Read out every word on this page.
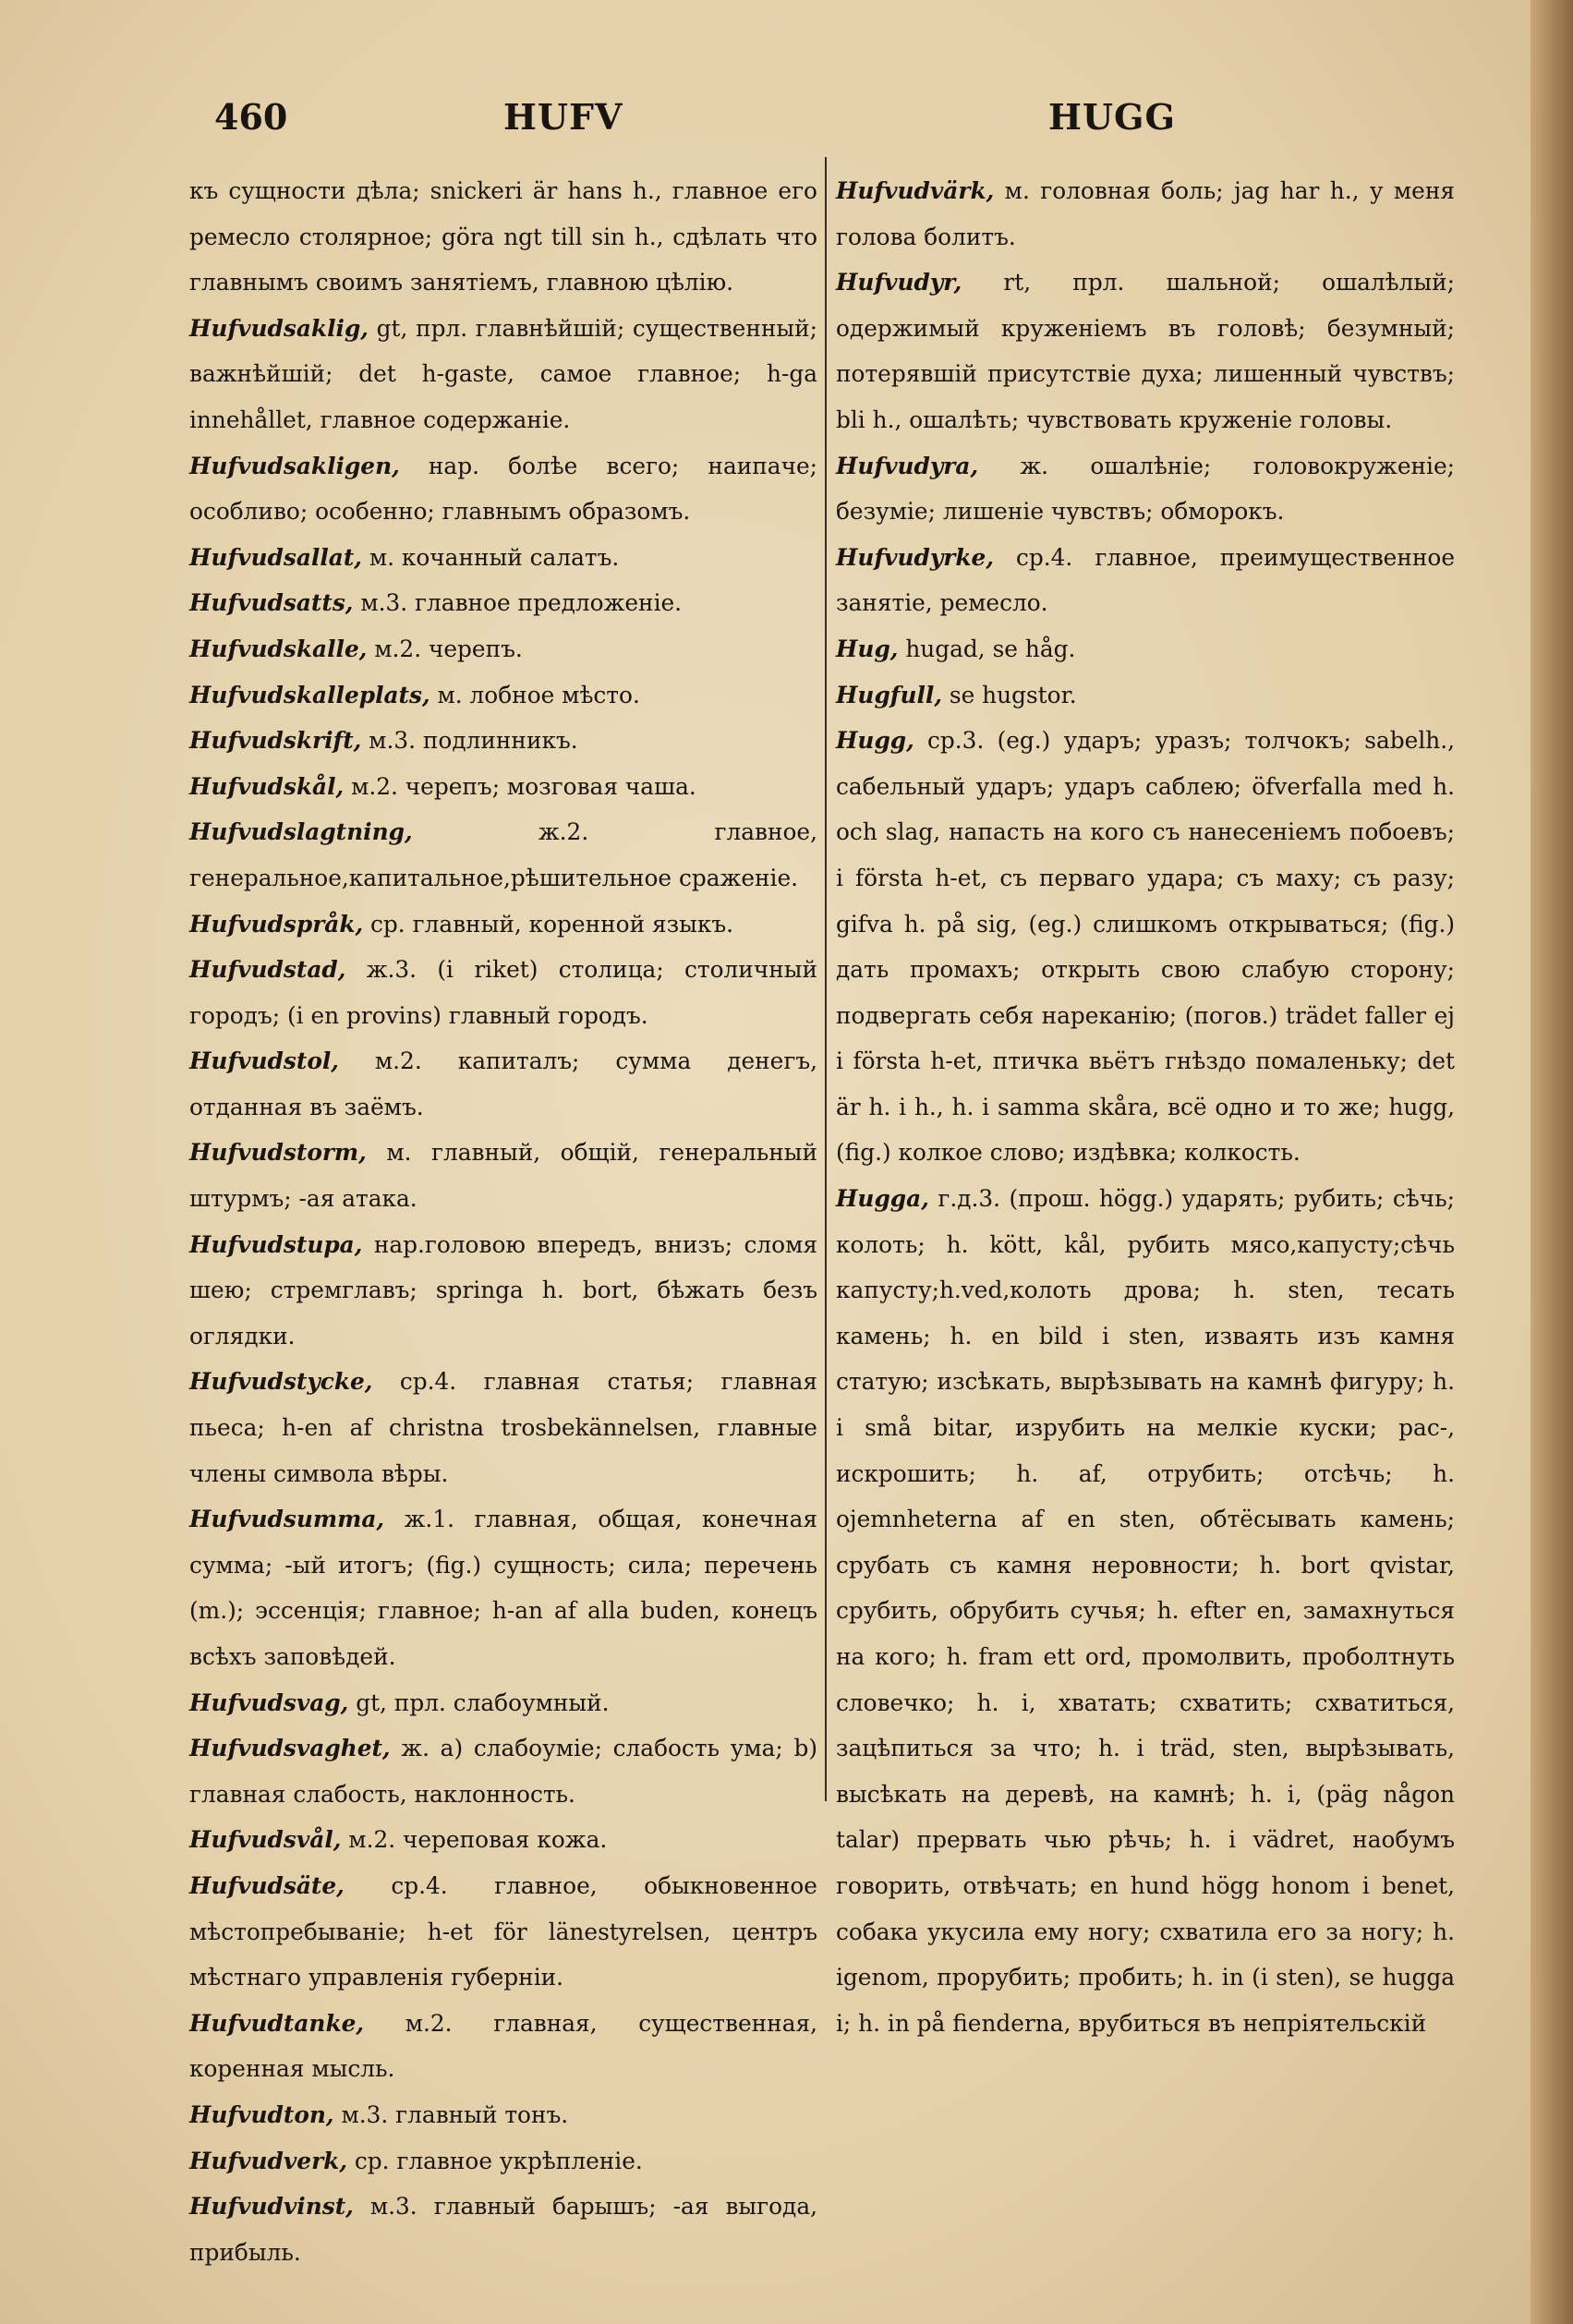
460	HUFV	HUGG

къ сущности дѣла; snickeri är hans h., главное его ремесло столярное; göra ngt till sin h., сдѣлать что главнымъ своимъ занятіемъ, главною цѣлію.

Hufvudsaklig, gt, прл. главнѣйшій; существенный; важнѣйшій; det h-gaste, самое главное; h-ga innehållet, главное содержаніе.

Hufvudsakligen, нар. болѣе всего; наипаче; особливо; особенно; главнымъ образомъ.

Hufvudsallat, м. кочанный салатъ.

Hufvudsatts, м.3. главное предложеніе.

Hufvudskalle, м.2. черепъ.

Hufvudskalleplats, м. лобное мѣсто.

Hufvudskrift, м.3. подлинникъ.

Hufvudskål, м.2. черепъ; мозговая чаша.

Hufvudslagtning,	ж.2. главное, генеральное,капитальное,рѣшительное сраженіе.

Hufvudspråk, ср. главный, коренной языкъ.

Hufvudstad, ж.3. (i riket) столица; столичный городъ; (i en provins) главный городъ.

Hufvudstol, м.2. капиталъ; сумма денегъ, отданная въ заёмъ.

Hufvudstorm, м. главный, общій, генеральный штурмъ; -ая атака.

Hufvudstupa, нар.головою впередъ, внизъ; сломя шею; стремглавъ; springa h. bort, бѣжать безъ оглядки.

Hufvudstycke, ср.4. главная статья; главная пьеса; h-en af christna trosbekännelsen, главные члены символа вѣры.

Hufvudsumma, ж.1. главная, общая, конечная сумма; -ый итогъ; (fig.) сущность; сила; перечень (m.); эссенція; главное; h-an af alla buden, конецъ всѣхъ заповѣдей.

Hufvudsvag, gt, прл. слабоумный.

Hufvudsvaghet, ж. a) слабоуміе; слабость ума; b) главная слабость, наклонность.

Hufvudsvål, м.2. череповая кожа.

Hufvudsäte, ср.4. главное, обыкновенное мѣстопребываніе; h-et för länestyrelsen, центръ мѣстнаго управленія губерніи.

Hufvudtanke, м.2. главная, существенная, коренная мысль.

Hufvudton, м.3. главный тонъ.

Hufvudverk, ср. главное укрѣпленіе.

Hufvudvinst, м.3. главный барышъ; -ая выгода, прибыль.

Hufvudvärk, м. головная боль; jag har h., у меня голова болитъ.

Hufvudyr, rt, прл. шальной; ошалѣлый; одержимый круженіемъ въ головѣ; безумный; потерявшій присутствіе духа; лишенный чувствъ; bli h., ошалѣть; чувствовать круженіе головы.

Hufvudyra, ж. ошалѣніе; головокруженіе; безуміе; лишеніе чувствъ; обморокъ.

Hufvudyrke, ср.4. главное, преимущественное занятіе, ремесло.

Hug, hugad, se håg.

Hugfull, se hugstor.

Hugg, ср.3. (eg.) ударъ; уразъ; толчокъ; sabelh., сабельный ударъ; ударъ саблею; öfverfalla med h. och slag, напасть на кого съ нанесеніемъ побоевъ; i första h-et, съ перваго удара; съ маху; съ разу; gifva h. på sig, (eg.) слишкомъ открываться; (fig.) дать промахъ; открыть свою слабую сторону; подвергать себя нареканію; (погов.) trädet faller ej i första h-et, птичка вьётъ гнѣздо помаленьку; det är h. i h., h. i samma skåra, всё одно и то же; hugg, (fig.) колкое слово; издѣвка; колкость.

Hugga, г.д.3. (прош. högg.) ударять; рубить; сѣчь; колоть; h. kött, kål, рубить мясо,капусту;сѣчь капусту;h.ved,колоть дрова; h. sten, тесать камень; h. en bild i sten, изваять изъ камня статую; изсѣкать, вырѣзывать на камнѣ фигуру; h. i små bitar, изрубить на мелкіе куски; рас-, искрошить; h. af, отрубить; отсѣчь; h. ojemnheterna af en sten, обтёсывать камень; срубать съ камня неровности; h. bort qvistar, срубить, обрубить сучья; h. efter en, замахнуться на кого; h. fram ett ord, промолвить, проболтнуть словечко; h. i, хватать; схватить; схватиться, зацѣпиться за что; h. i träd, sten, вырѣзывать, высѣкать на деревѣ, на камнѣ; h. i, (päg någon talar) прервать чью рѣчь; h. i vädret, наобумъ говорить, отвѣчать; en hund högg honom i benet, собака укусила ему ногу; схватила его за ногу; h. igenom, прорубить; пробить; h. in (i sten), se hugga i; h. in på fienderna, врубиться въ непріятельскій
